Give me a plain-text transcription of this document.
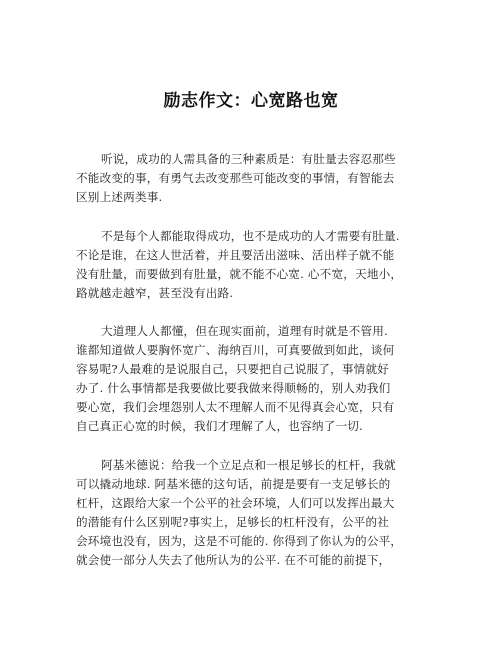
励志作文：心宽路也宽
听说，成功的人需具备的三种素质是：有肚量去容忍那些
不能改变的事，有勇气去改变那些可能改变的事情，有智能去
区别上述两类事.
不是每个人都能取得成功，也不是成功的人才需要有肚量.
不论是谁，在这人世活着，并且要活出滋味、活出样子就不能
没有肚量，而要做到有肚量，就不能不心宽. 心不宽，天地小，
路就越走越窄，甚至没有出路.
大道理人人都懂，但在现实面前，道理有时就是不管用.
谁都知道做人要胸怀宽广、海纳百川，可真要做到如此，谈何
容易呢?人最难的是说服自己，只要把自己说服了，事情就好
办了. 什么事情都是我要做比要我做来得顺畅的，别人劝我们
要心宽，我们会埋怨别人太不理解人而不见得真会心宽，只有
自己真正心宽的时候，我们才理解了人，也容纳了一切.
阿基米德说：给我一个立足点和一根足够长的杠杆，我就
可以撬动地球. 阿基米德的这句话，前提是要有一支足够长的
杠杆，这跟给大家一个公平的社会环境，人们可以发挥出最大
的潜能有什么区别呢?事实上，足够长的杠杆没有，公平的社
会环境也没有，因为，这是不可能的. 你得到了你认为的公平，
就会使一部分人失去了他所认为的公平. 在不可能的前提下，
